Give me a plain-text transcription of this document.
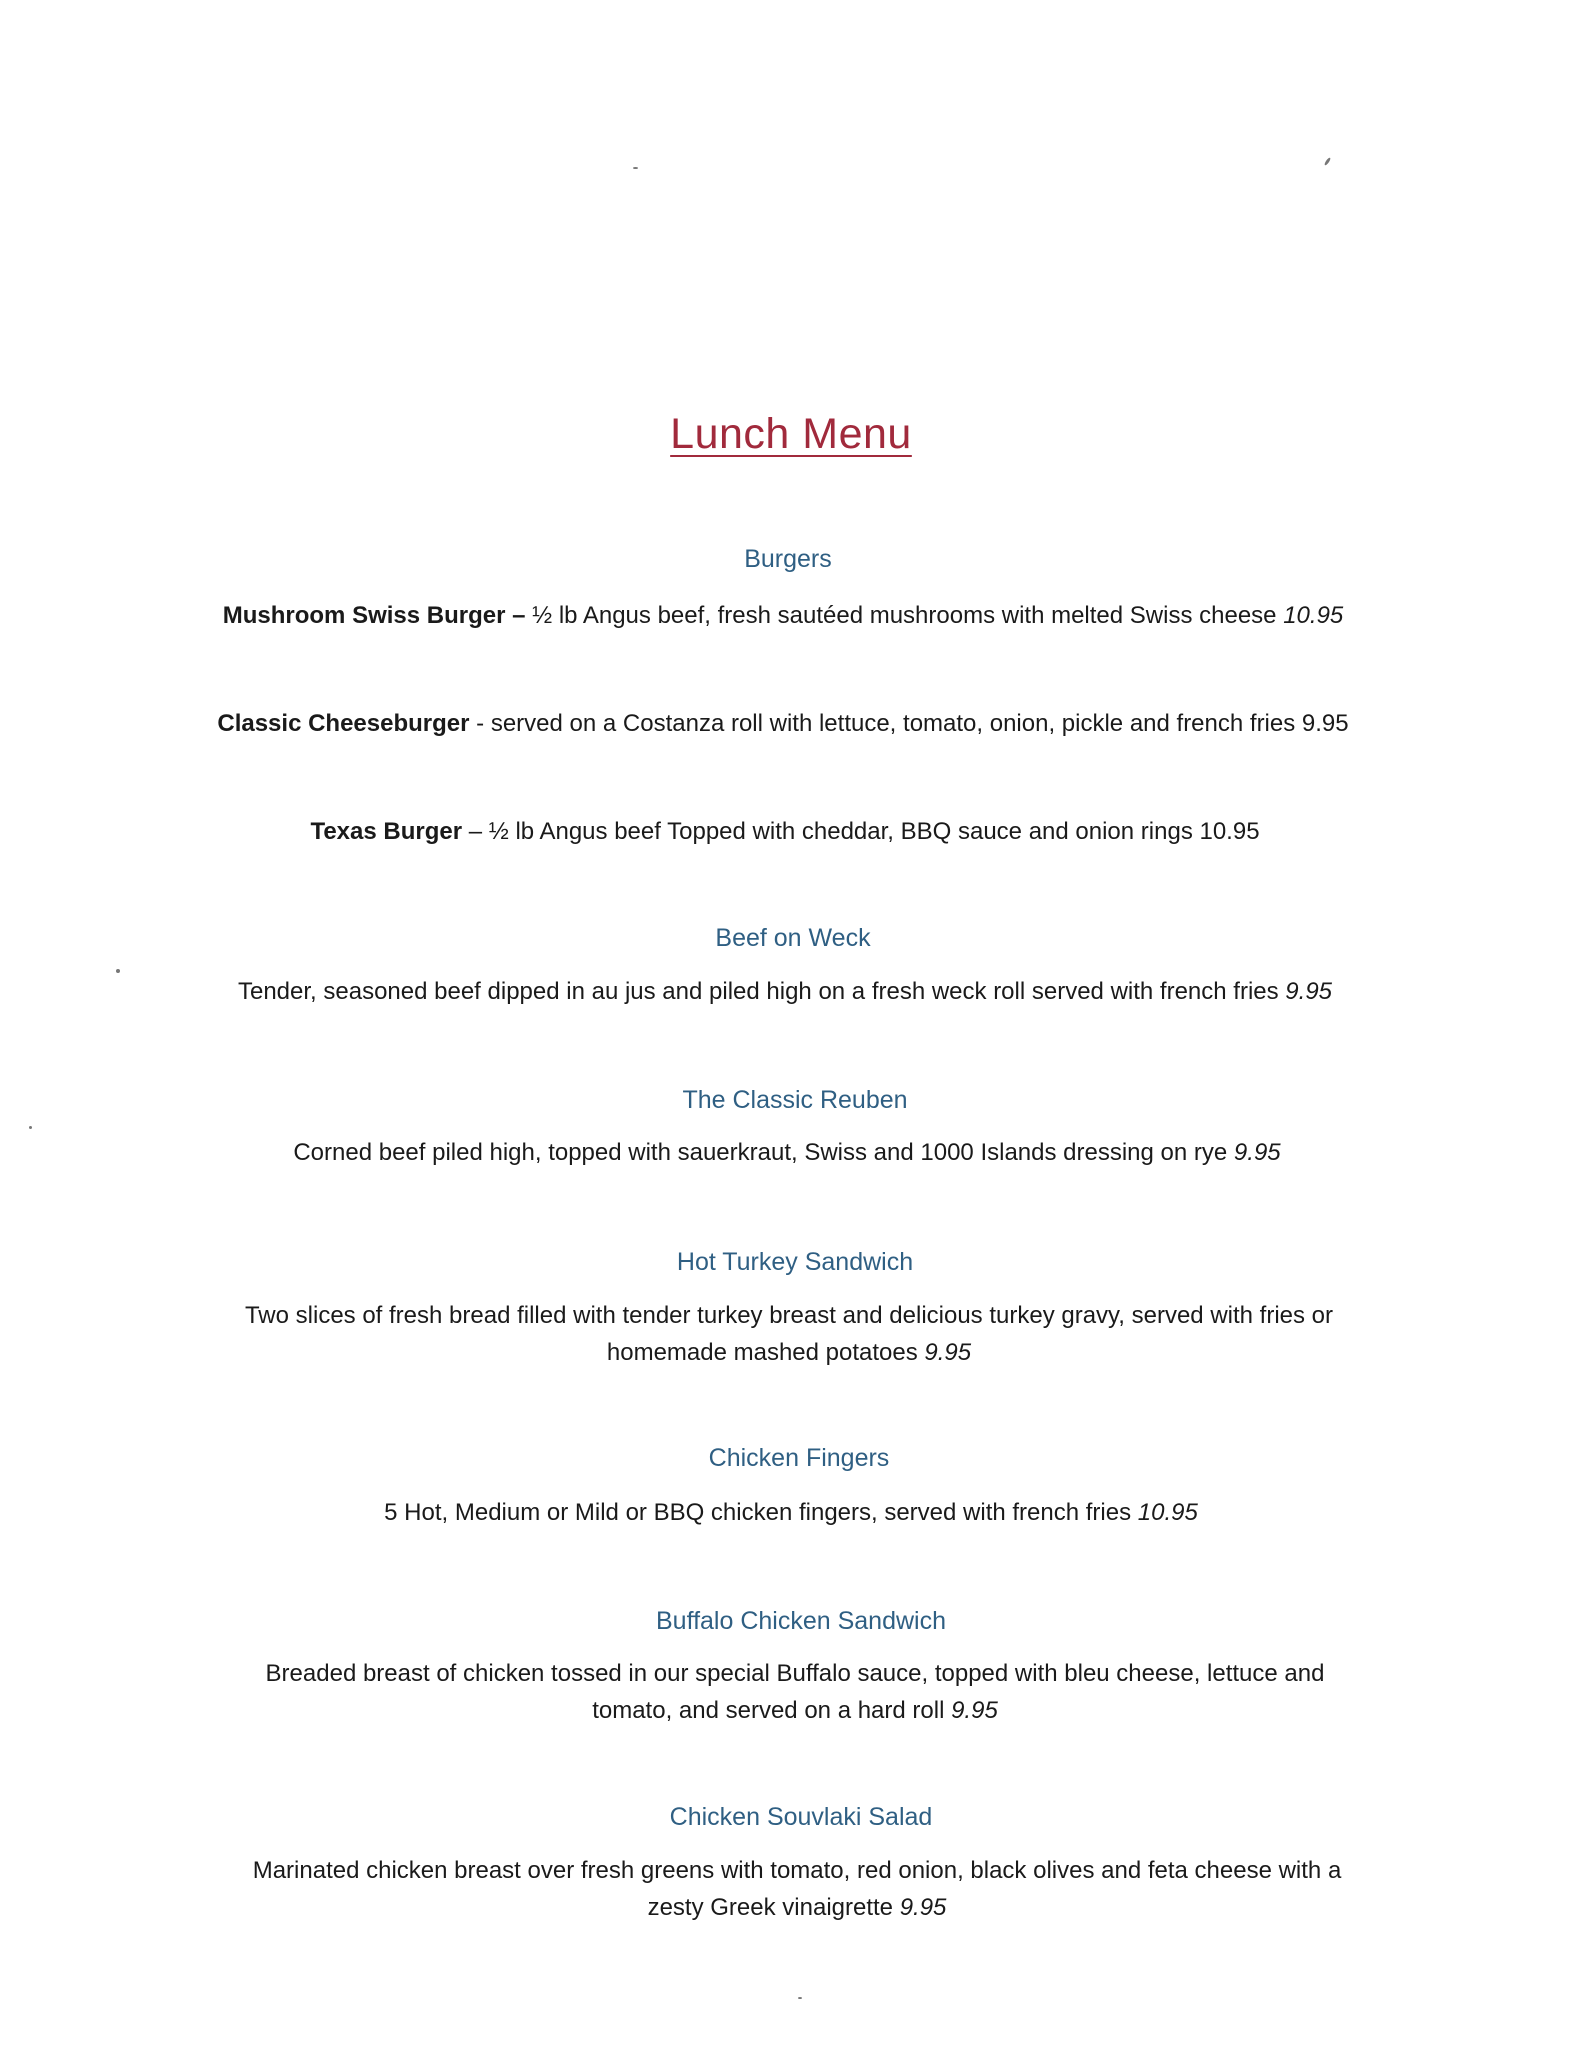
Lunch Menu
Burgers
Mushroom Swiss Burger – ½ lb Angus beef, fresh sautéed mushrooms with melted Swiss cheese 10.95
Classic Cheeseburger - served on a Costanza roll with lettuce, tomato, onion, pickle and french fries 9.95
Texas Burger – ½ lb Angus beef Topped with cheddar, BBQ sauce and onion rings 10.95
Beef on Weck
Tender, seasoned beef dipped in au jus and piled high on a fresh weck roll served with french fries 9.95
The Classic Reuben
Corned beef piled high, topped with sauerkraut, Swiss and 1000 Islands dressing on rye 9.95
Hot Turkey Sandwich
Two slices of fresh bread filled with tender turkey breast and delicious turkey gravy, served with fries or
homemade mashed potatoes 9.95
Chicken Fingers
5 Hot, Medium or Mild or BBQ chicken fingers, served with french fries 10.95
Buffalo Chicken Sandwich
Breaded breast of chicken tossed in our special Buffalo sauce, topped with bleu cheese, lettuce and
tomato, and served on a hard roll 9.95
Chicken Souvlaki Salad
Marinated chicken breast over fresh greens with tomato, red onion, black olives and feta cheese with a
zesty Greek vinaigrette 9.95
